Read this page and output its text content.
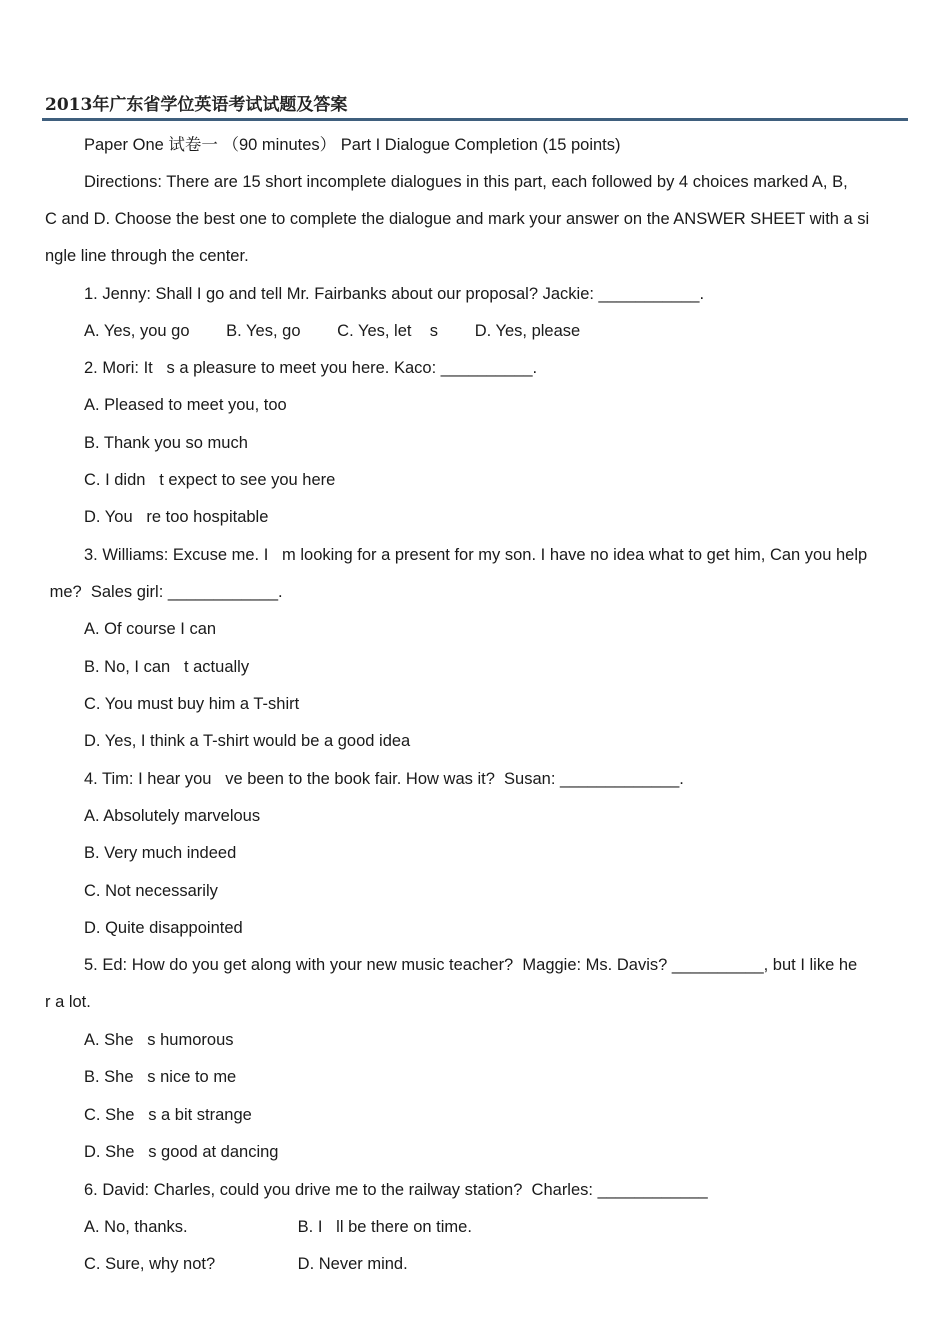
2013年广东省学位英语考试试题及答案
Paper One 试卷一 （90 minutes） Part I Dialogue Completion (15 points)
Directions: There are 15 short incomplete dialogues in this part, each followed by 4 choices marked A, B,
C and D. Choose the best one to complete the dialogue and mark your answer on the ANSWER SHEET with a si
ngle line through the center.
1. Jenny: Shall I go and tell Mr. Fairbanks about our proposal? Jackie: ___________.
A. Yes, you go        B. Yes, go        C. Yes, let    s        D. Yes, please
2. Mori: It   s a pleasure to meet you here. Kaco: __________.
A. Pleased to meet you, too
B. Thank you so much
C. I didn   t expect to see you here
D. You   re too hospitable
3. Williams: Excuse me. I   m looking for a present for my son. I have no idea what to get him, Can you help
me?  Sales girl: ____________.
A. Of course I can
B. No, I can   t actually
C. You must buy him a T-shirt
D. Yes, I think a T-shirt would be a good idea
4. Tim: I hear you   ve been to the book fair. How was it?  Susan: _____________.
A. Absolutely marvelous
B. Very much indeed
C. Not necessarily
D. Quite disappointed
5. Ed: How do you get along with your new music teacher?  Maggie: Ms. Davis? __________, but I like he
r a lot.
A. She   s humorous
B. She   s nice to me
C. She   s a bit strange
D. She   s good at dancing
6. David: Charles, could you drive me to the railway station?  Charles: ____________
A. No, thanks.                        B. I   ll be there on time.
C. Sure, why not?                  D. Never mind.
